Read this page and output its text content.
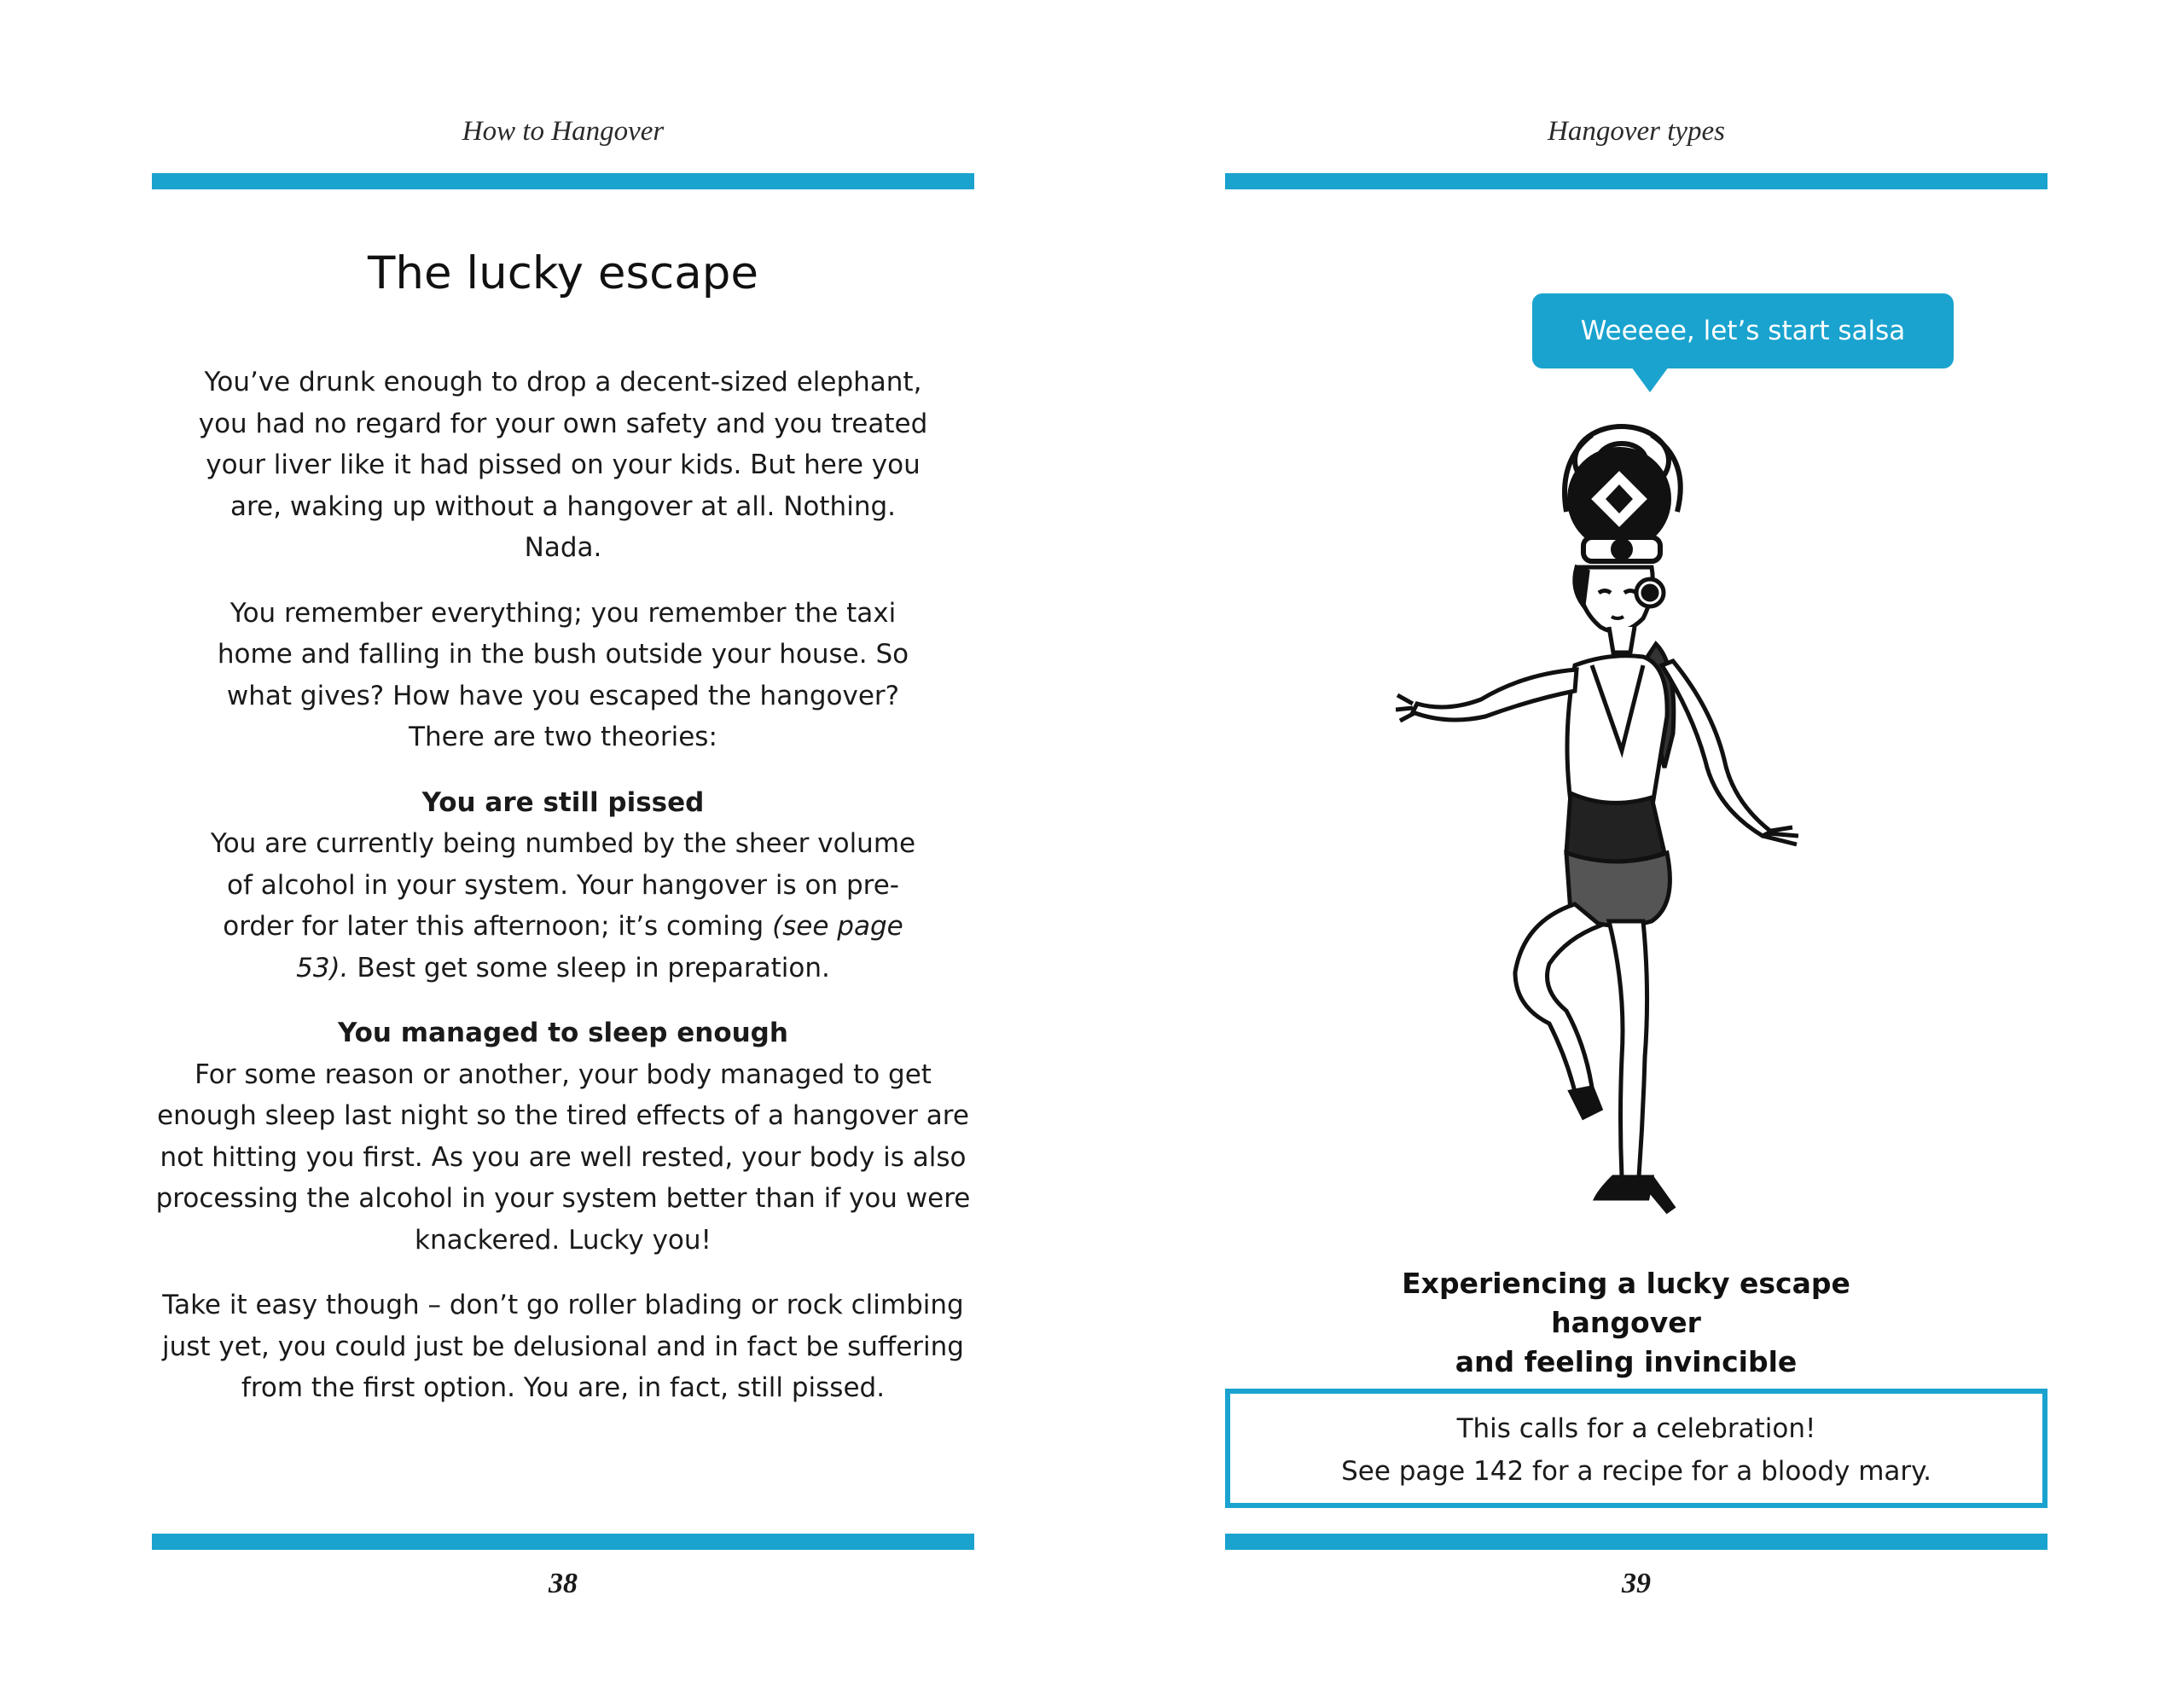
How to Hangover
The lucky escape

You’ve drunk enough to drop a decent-sized elephant, you had no regard for your own safety and you treated your liver like it had pissed on your kids. But here you are, waking up without a hangover at all. Nothing. Nada.

You remember everything; you remember the taxi home and falling in the bush outside your house. So what gives? How have you escaped the hangover? There are two theories:

You are still pissed
You are currently being numbed by the sheer volume of alcohol in your system. Your hangover is on pre-order for later this afternoon; it’s coming (see page 53). Best get some sleep in preparation.

You managed to sleep enough
For some reason or another, your body managed to get enough sleep last night so the tired effects of a hangover are not hitting you first. As you are well rested, your body is also processing the alcohol in your system better than if you were knackered. Lucky you!

Take it easy though – don’t go roller blading or rock climbing just yet, you could just be delusional and in fact be suffering from the first option. You are, in fact, still pissed.

38
Hangover types
Weeeee, let’s start salsa classes!
Experiencing a lucky escape hangover
and feeling invincible
This calls for a celebration!
See page 142 for a recipe for a bloody mary.
39
